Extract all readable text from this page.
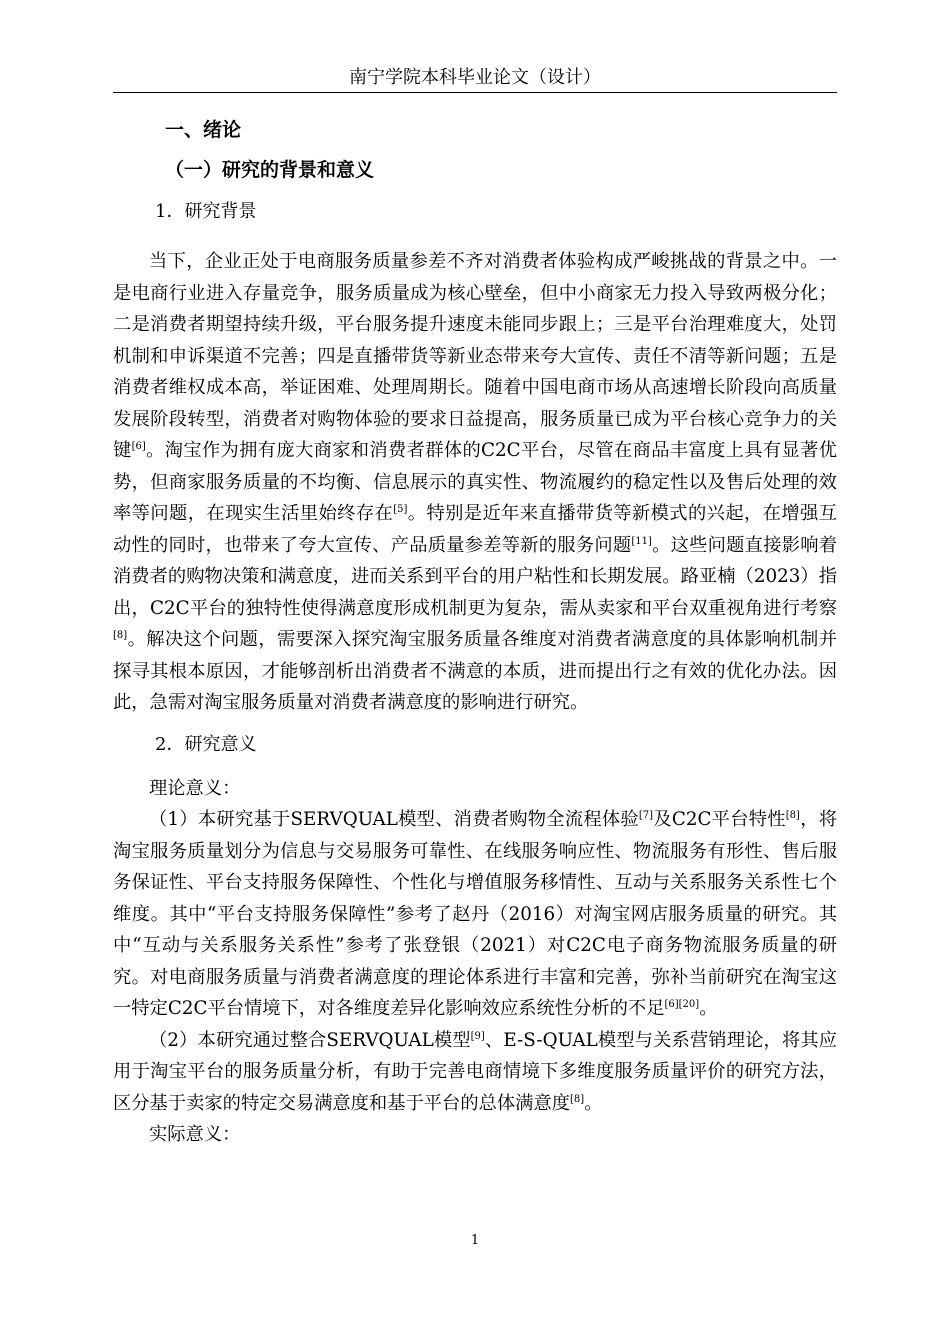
南宁学院本科毕业论文（设计）
一、绪论
（一）研究的背景和意义
1．研究背景

当下，企业正处于电商服务质量参差不齐对消费者体验构成严峻挑战的背景之中。一是电商行业进入存量竞争，服务质量成为核心壁垒，但中小商家无力投入导致两极分化；二是消费者期望持续升级，平台服务提升速度未能同步跟上；三是平台治理难度大，处罚机制和申诉渠道不完善；四是直播带货等新业态带来夸大宣传、责任不清等新问题；五是消费者维权成本高，举证困难、处理周期长。随着中国电商市场从高速增长阶段向高质量发展阶段转型，消费者对购物体验的要求日益提高，服务质量已成为平台核心竞争力的关键[6]。淘宝作为拥有庞大商家和消费者群体的C2C平台，尽管在商品丰富度上具有显著优势，但商家服务质量的不均衡、信息展示的真实性、物流履约的稳定性以及售后处理的效率等问题，在现实生活里始终存在[5]。特别是近年来直播带货等新模式的兴起，在增强互动性的同时，也带来了夸大宣传、产品质量参差等新的服务问题[11]。这些问题直接影响着消费者的购物决策和满意度，进而关系到平台的用户粘性和长期发展。路亚楠（2023）指出，C2C平台的独特性使得满意度形成机制更为复杂，需从卖家和平台双重视角进行考察[8]。解决这个问题，需要深入探究淘宝服务质量各维度对消费者满意度的具体影响机制并探寻其根本原因，才能够剖析出消费者不满意的本质，进而提出行之有效的优化办法。因此，急需对淘宝服务质量对消费者满意度的影响进行研究。

2．研究意义

理论意义：

（1）本研究基于SERVQUAL模型、消费者购物全流程体验[7]及C2C平台特性[8]，将淘宝服务质量划分为信息与交易服务可靠性、在线服务响应性、物流服务有形性、售后服务保证性、平台支持服务保障性、个性化与增值服务移情性、互动与关系服务关系性七个维度。其中“平台支持服务保障性”参考了赵丹（2016）对淘宝网店服务质量的研究。其中“互动与关系服务关系性”参考了张登银（2021）对C2C电子商务物流服务质量的研究。对电商服务质量与消费者满意度的理论体系进行丰富和完善，弥补当前研究在淘宝这一特定C2C平台情境下，对各维度差异化影响效应系统性分析的不足[6][20]。

（2）本研究通过整合SERVQUAL模型[9]、E-S-QUAL模型与关系营销理论，将其应用于淘宝平台的服务质量分析，有助于完善电商情境下多维度服务质量评价的研究方法，区分基于卖家的特定交易满意度和基于平台的总体满意度[8]。

实际意义：

1
